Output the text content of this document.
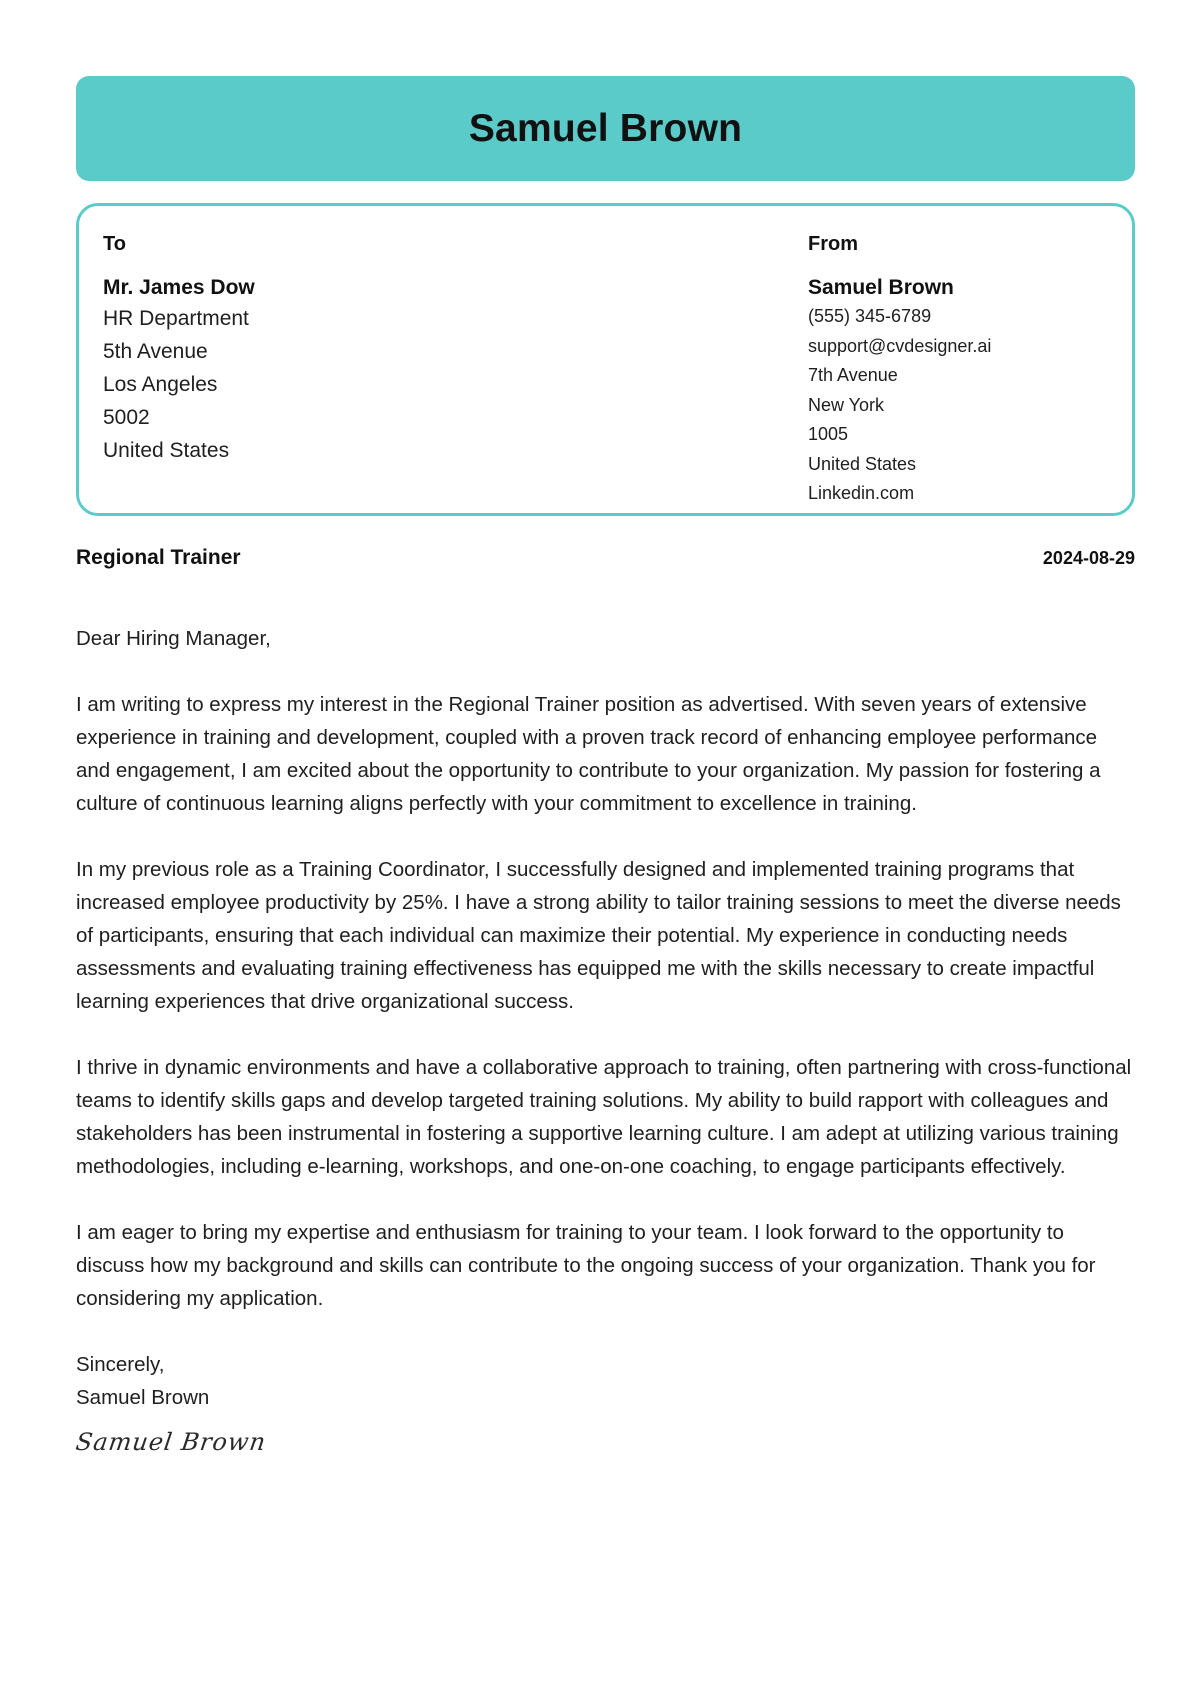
Samuel Brown
To
Mr. James Dow
HR Department
5th Avenue
Los Angeles
5002
United States
From
Samuel Brown
(555) 345-6789
support@cvdesigner.ai
7th Avenue
New York
1005
United States
Linkedin.com
Regional Trainer	2024-08-29

Dear Hiring Manager,

I am writing to express my interest in the Regional Trainer position as advertised. With seven years of extensive experience in training and development, coupled with a proven track record of enhancing employee performance and engagement, I am excited about the opportunity to contribute to your organization. My passion for fostering a culture of continuous learning aligns perfectly with your commitment to excellence in training.

In my previous role as a Training Coordinator, I successfully designed and implemented training programs that increased employee productivity by 25%. I have a strong ability to tailor training sessions to meet the diverse needs of participants, ensuring that each individual can maximize their potential. My experience in conducting needs assessments and evaluating training effectiveness has equipped me with the skills necessary to create impactful learning experiences that drive organizational success.

I thrive in dynamic environments and have a collaborative approach to training, often partnering with cross-functional teams to identify skills gaps and develop targeted training solutions. My ability to build rapport with colleagues and stakeholders has been instrumental in fostering a supportive learning culture. I am adept at utilizing various training methodologies, including e-learning, workshops, and one-on-one coaching, to engage participants effectively.

I am eager to bring my expertise and enthusiasm for training to your team. I look forward to the opportunity to discuss how my background and skills can contribute to the ongoing success of your organization. Thank you for considering my application.

Sincerely,
Samuel Brown
Samuel Brown
